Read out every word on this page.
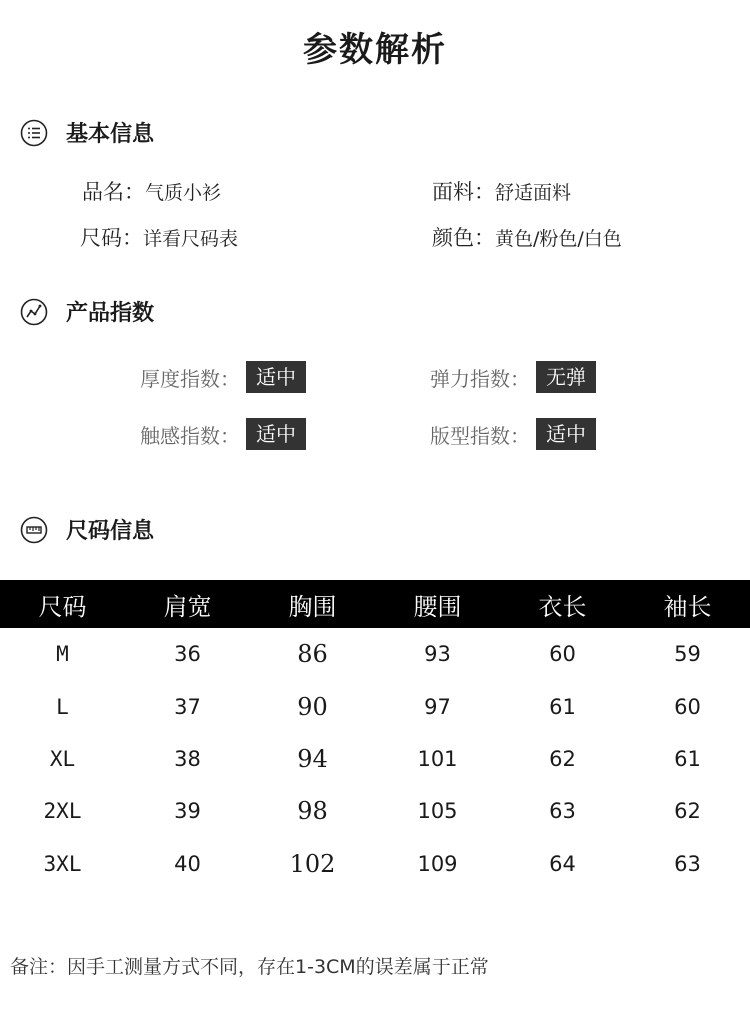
参数解析
基本信息
品名：气质小衫	面料：舒适面料
尺码：详看尺码表	颜色：黄色/粉色/白色
产品指数
厚度指数： 适中	弹力指数： 无弹
触感指数： 适中	版型指数： 适中
尺码信息
尺码	肩宽	胸围	腰围	衣长	袖长
M	36	86	93	60	59
L	37	90	97	61	60
XL	38	94	101	62	61
2XL	39	98	105	63	62
3XL	40	102	109	64	63
备注：因手工测量方式不同，存在1-3CM的误差属于正常
